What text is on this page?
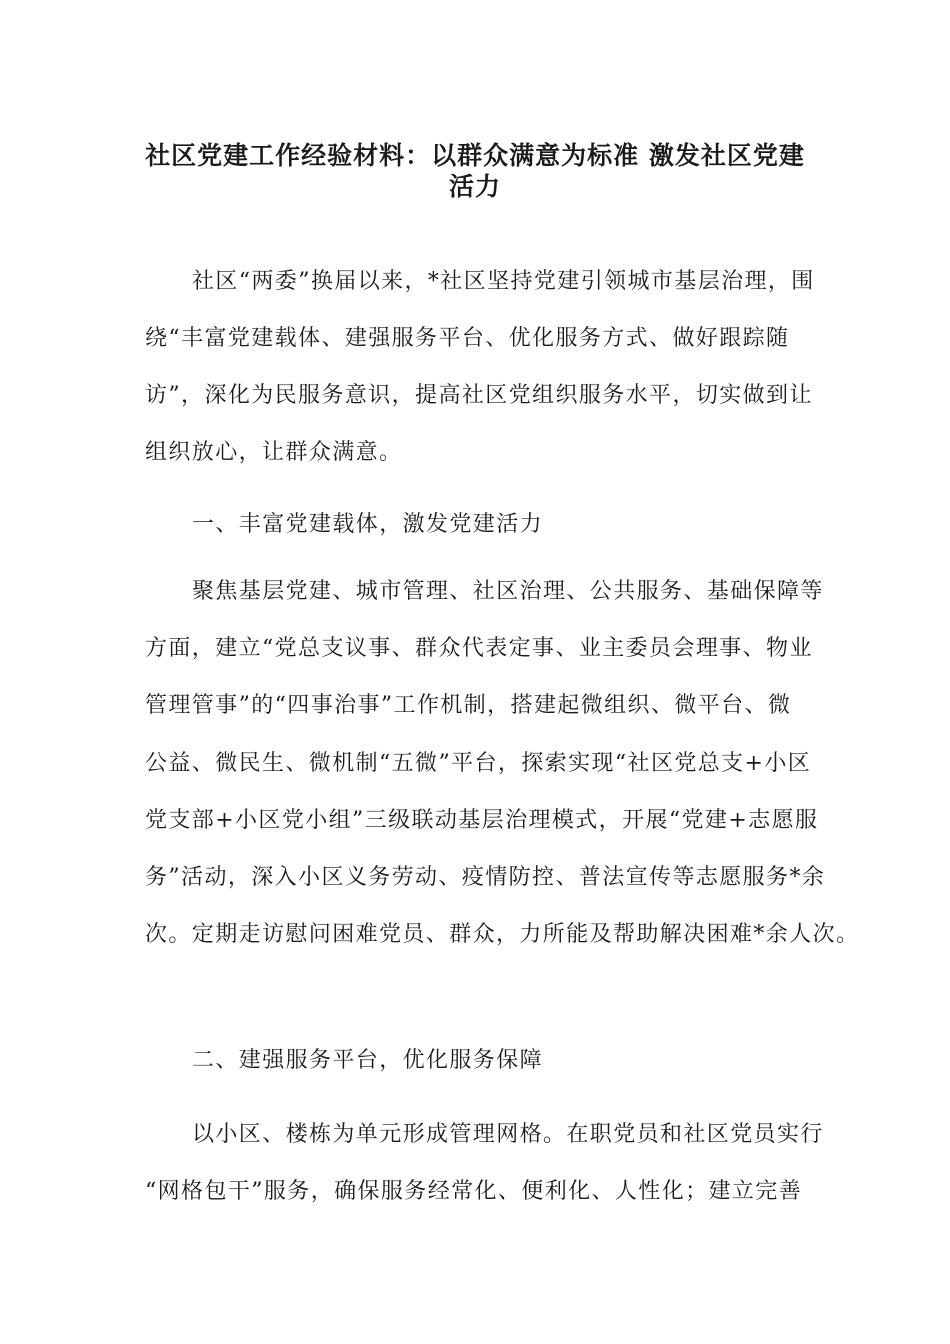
社区党建工作经验材料：以群众满意为标准 激发社区党建
活力
社区“两委”换届以来，*社区坚持党建引领城市基层治理，围
绕“丰富党建载体、建强服务平台、优化服务方式、做好跟踪随
访”，深化为民服务意识，提高社区党组织服务水平，切实做到让
组织放心，让群众满意。
一、丰富党建载体，激发党建活力
聚焦基层党建、城市管理、社区治理、公共服务、基础保障等
方面，建立“党总支议事、群众代表定事、业主委员会理事、物业
管理管事”的“四事治事”工作机制，搭建起微组织、微平台、微
公益、微民生、微机制“五微”平台，探索实现“社区党总支+小区
党支部+小区党小组”三级联动基层治理模式，开展“党建+志愿服
务”活动，深入小区义务劳动、疫情防控、普法宣传等志愿服务*余
次。定期走访慰问困难党员、群众，力所能及帮助解决困难*余人次。
二、建强服务平台，优化服务保障
以小区、楼栋为单元形成管理网格。在职党员和社区党员实行
“网格包干”服务，确保服务经常化、便利化、人性化；建立完善
